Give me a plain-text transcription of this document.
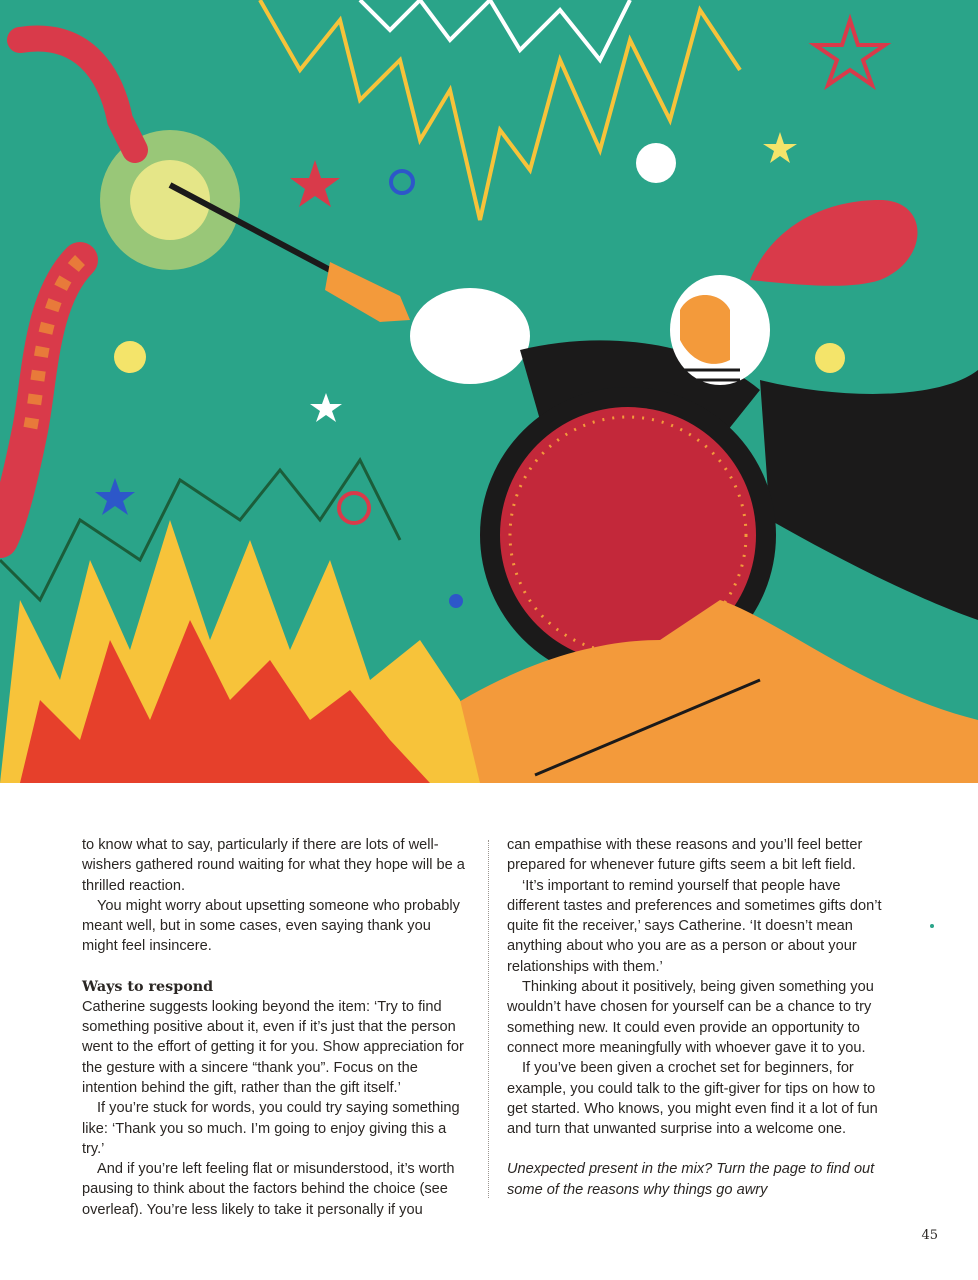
to know what to say, particularly if there are lots of well-wishers gathered round waiting for what they hope will be a thrilled reaction.

You might worry about upsetting someone who probably meant well, but in some cases, even saying thank you might feel insincere.

Ways to respond

Catherine suggests looking beyond the item: ‘Try to find something positive about it, even if it’s just that the person went to the effort of getting it for you. Show appreciation for the gesture with a sincere “thank you”. Focus on the intention behind the gift, rather than the gift itself.’

If you’re stuck for words, you could try saying something like: ‘Thank you so much. I’m going to enjoy giving this a try.’

And if you’re left feeling flat or misunderstood, it’s worth pausing to think about the factors behind the choice (see overleaf). You’re less likely to take it personally if you

can empathise with these reasons and you’ll feel better prepared for whenever future gifts seem a bit left field.

‘It’s important to remind yourself that people have different tastes and preferences and sometimes gifts don’t quite fit the receiver,’ says Catherine. ‘It doesn’t mean anything about who you are as a person or about your relationships with them.’

Thinking about it positively, being given something you wouldn’t have chosen for yourself can be a chance to try something new. It could even provide an opportunity to connect more meaningfully with whoever gave it to you.

If you’ve been given a crochet set for beginners, for example, you could talk to the gift-giver for tips on how to get started. Who knows, you might even find it a lot of fun and turn that unwanted surprise into a welcome one.

Unexpected present in the mix? Turn the page to find out some of the reasons why things go awry

45
